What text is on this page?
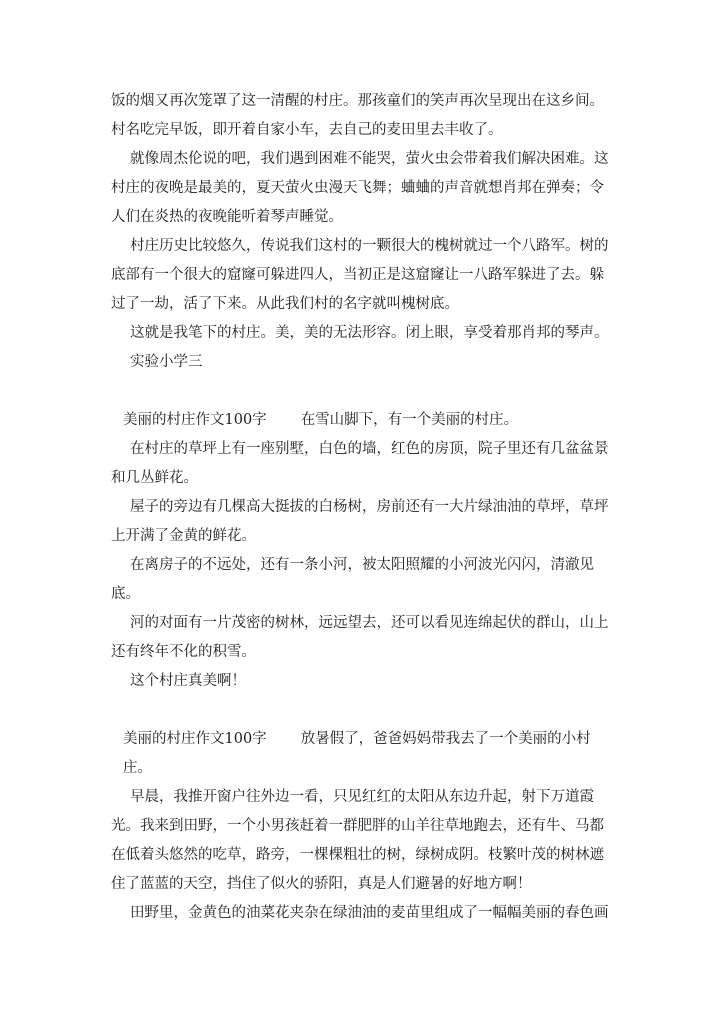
饭的烟又再次笼罩了这一清醒的村庄。那孩童们的笑声再次呈现出在这乡间。
村名吃完早饭，即开着自家小车，去自己的麦田里去丰收了。
就像周杰伦说的吧，我们遇到困难不能哭，萤火虫会带着我们解决困难。这
村庄的夜晚是最美的，夏天萤火虫漫天飞舞；蛐蛐的声音就想肖邦在弹奏；令
人们在炎热的夜晚能听着琴声睡觉。
村庄历史比较悠久，传说我们这村的一颗很大的槐树就过一个八路军。树的
底部有一个很大的窟窿可躲进四人，当初正是这窟窿让一八路军躲进了去。躲
过了一劫，活了下来。从此我们村的名字就叫槐树底。
这就是我笔下的村庄。美，美的无法形容。闭上眼，享受着那肖邦的琴声。
实验小学三
美丽的村庄作文100字 在雪山脚下，有一个美丽的村庄。
在村庄的草坪上有一座别墅，白色的墙，红色的房顶，院子里还有几盆盆景
和几丛鲜花。
屋子的旁边有几棵高大挺拔的白杨树，房前还有一大片绿油油的草坪，草坪
上开满了金黄的鲜花。
在离房子的不远处，还有一条小河，被太阳照耀的小河波光闪闪，清澈见
底。
河的对面有一片茂密的树林，远远望去，还可以看见连绵起伏的群山，山上
还有终年不化的积雪。
这个村庄真美啊！
美丽的村庄作文100字 放暑假了，爸爸妈妈带我去了一个美丽的小村
庄。
早晨，我推开窗户往外边一看，只见红红的太阳从东边升起，射下万道霞
光。我来到田野，一个小男孩赶着一群肥胖的山羊往草地跑去，还有牛、马都
在低着头悠然的吃草，路旁，一棵棵粗壮的树，绿树成阴。枝繁叶茂的树林遮
住了蓝蓝的天空，挡住了似火的骄阳，真是人们避暑的好地方啊！
田野里，金黄色的油菜花夹杂在绿油油的麦苗里组成了一幅幅美丽的春色画
